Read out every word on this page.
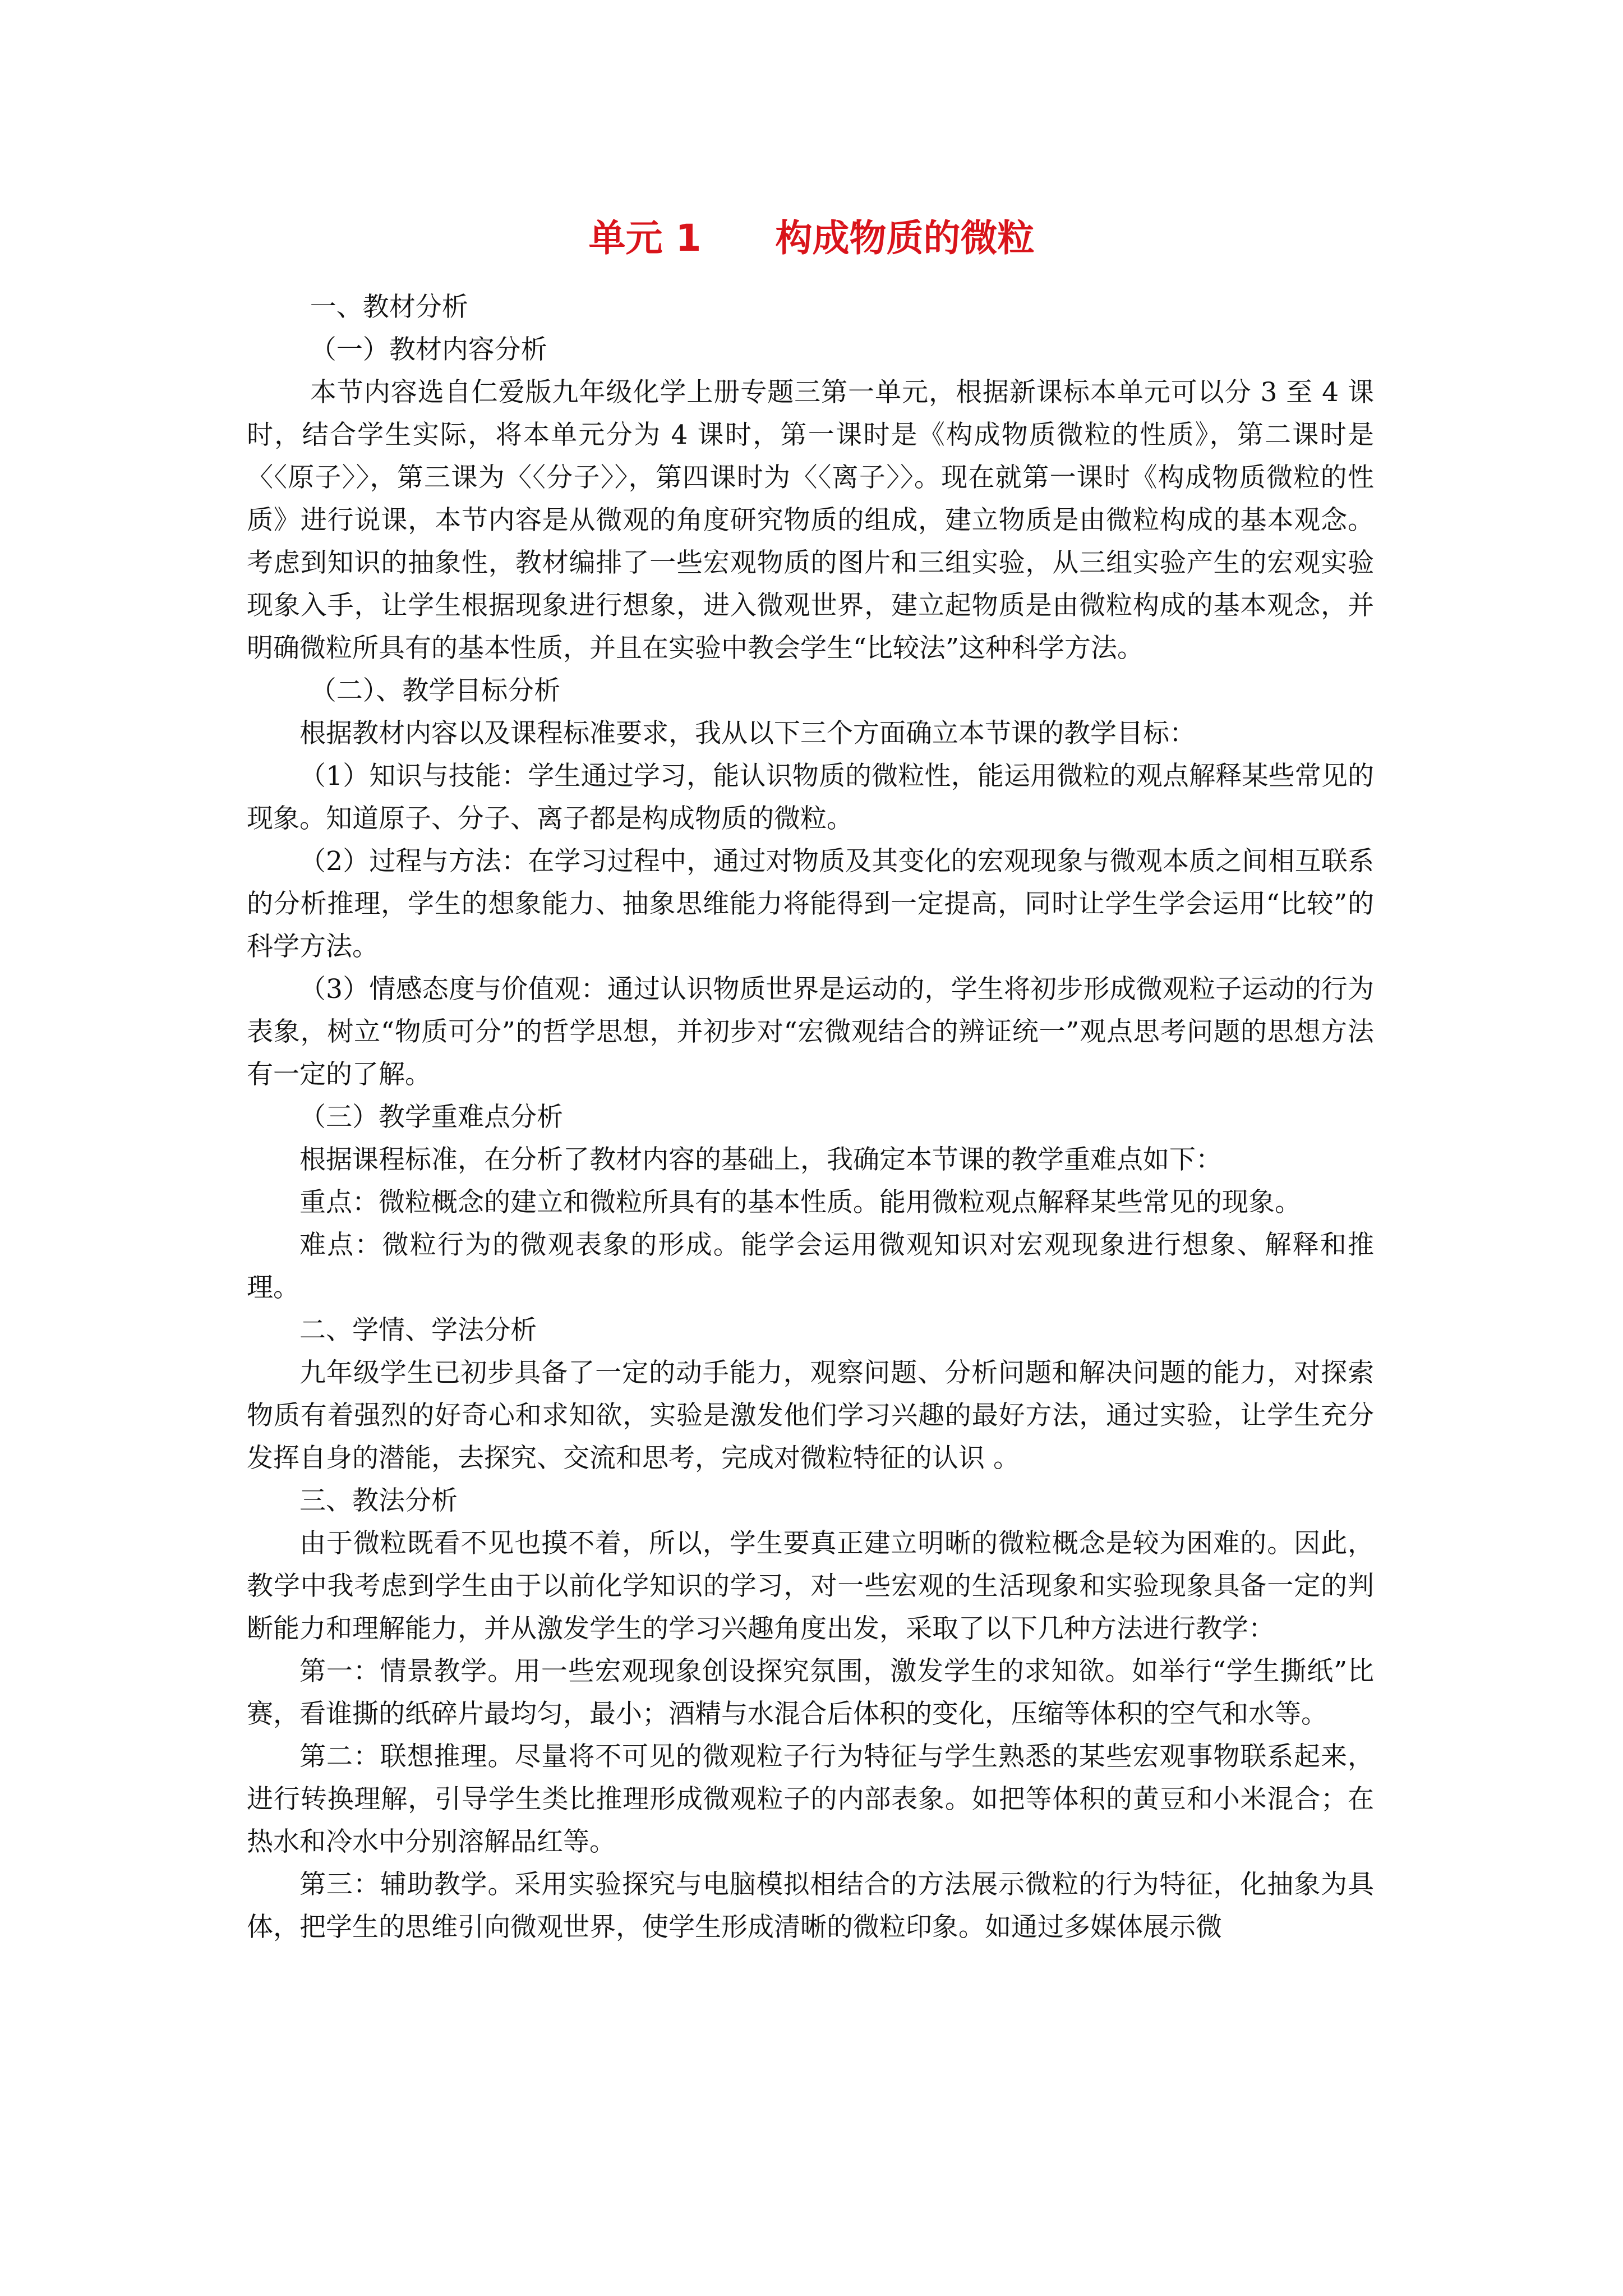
单元 1　　构成物质的微粒

一、教材分析

（一）教材内容分析

本节内容选自仁爱版九年级化学上册专题三第一单元，根据新课标本单元可以分 3 至 4 课时，结合学生实际，将本单元分为 4 课时，第一课时是《构成物质微粒的性质》，第二课时是〈〈原子〉〉，第三课为〈〈分子〉〉，第四课时为〈〈离子〉〉。现在就第一课时《构成物质微粒的性质》进行说课，本节内容是从微观的角度研究物质的组成，建立物质是由微粒构成的基本观念。考虑到知识的抽象性，教材编排了一些宏观物质的图片和三组实验，从三组实验产生的宏观实验现象入手，让学生根据现象进行想象，进入微观世界，建立起物质是由微粒构成的基本观念，并明确微粒所具有的基本性质，并且在实验中教会学生“比较法”这种科学方法。

（二）、教学目标分析

根据教材内容以及课程标准要求，我从以下三个方面确立本节课的教学目标：

（1）知识与技能：学生通过学习，能认识物质的微粒性，能运用微粒的观点解释某些常见的现象。知道原子、分子、离子都是构成物质的微粒。

（2）过程与方法：在学习过程中，通过对物质及其变化的宏观现象与微观本质之间相互联系的分析推理，学生的想象能力、抽象思维能力将能得到一定提高，同时让学生学会运用“比较”的科学方法。

（3）情感态度与价值观：通过认识物质世界是运动的，学生将初步形成微观粒子运动的行为表象，树立“物质可分”的哲学思想，并初步对“宏微观结合的辨证统一”观点思考问题的思想方法有一定的了解。

（三）教学重难点分析

根据课程标准，在分析了教材内容的基础上，我确定本节课的教学重难点如下：

重点：微粒概念的建立和微粒所具有的基本性质。能用微粒观点解释某些常见的现象。

难点：微粒行为的微观表象的形成。能学会运用微观知识对宏观现象进行想象、解释和推理。

二、学情、学法分析

九年级学生已初步具备了一定的动手能力，观察问题、分析问题和解决问题的能力，对探索物质有着强烈的好奇心和求知欲，实验是激发他们学习兴趣的最好方法，通过实验，让学生充分发挥自身的潜能，去探究、交流和思考，完成对微粒特征的认识 。

三、教法分析

由于微粒既看不见也摸不着，所以，学生要真正建立明晰的微粒概念是较为困难的。因此，教学中我考虑到学生由于以前化学知识的学习，对一些宏观的生活现象和实验现象具备一定的判断能力和理解能力，并从激发学生的学习兴趣角度出发，采取了以下几种方法进行教学：

第一：情景教学。用一些宏观现象创设探究氛围，激发学生的求知欲。如举行“学生撕纸”比赛，看谁撕的纸碎片最均匀，最小；酒精与水混合后体积的变化，压缩等体积的空气和水等。

第二：联想推理。尽量将不可见的微观粒子行为特征与学生熟悉的某些宏观事物联系起来，进行转换理解，引导学生类比推理形成微观粒子的内部表象。如把等体积的黄豆和小米混合；在热水和冷水中分别溶解品红等。

第三：辅助教学。采用实验探究与电脑模拟相结合的方法展示微粒的行为特征，化抽象为具体，把学生的思维引向微观世界，使学生形成清晰的微粒印象。如通过多媒体展示微
